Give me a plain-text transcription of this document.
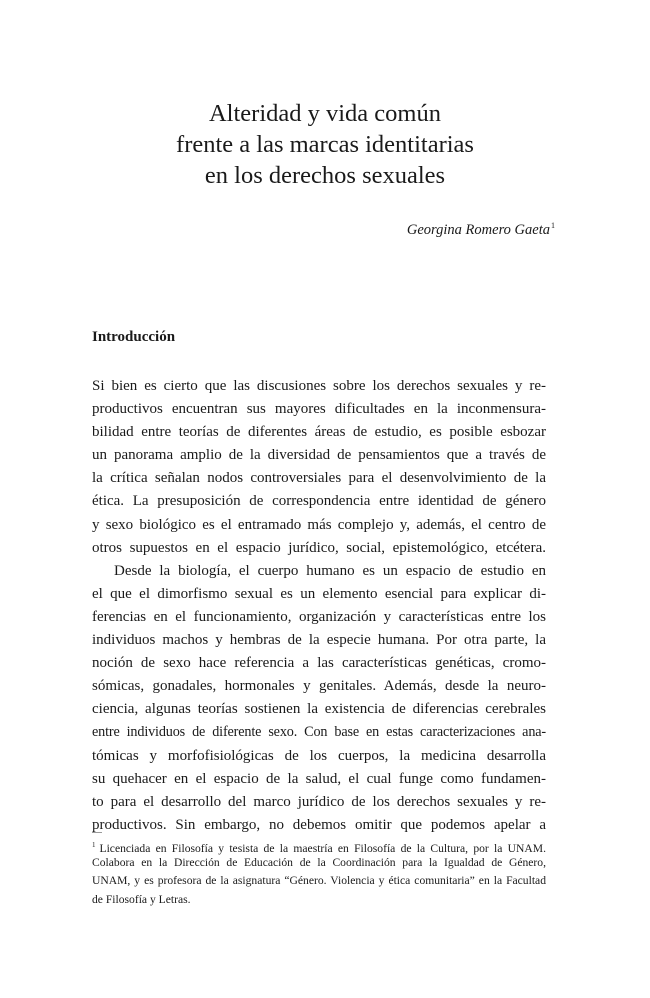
Alteridad y vida común
frente a las marcas identitarias
en los derechos sexuales
Georgina Romero Gaeta$^1$
Introducción
Si bien es cierto que las discusiones sobre los derechos sexuales y re-
productivos encuentran sus mayores dificultades en la inconmensura-
bilidad entre teorías de diferentes áreas de estudio, es posible esbozar
un panorama amplio de la diversidad de pensamientos que a través de
la crítica señalan nodos controversiales para el desenvolvimiento de la
ética. La presuposición de correspondencia entre identidad de género
y sexo biológico es el entramado más complejo y, además, el centro de
otros supuestos en el espacio jurídico, social, epistemológico, etcétera.
Desde la biología, el cuerpo humano es un espacio de estudio en
el que el dimorfismo sexual es un elemento esencial para explicar di-
ferencias en el funcionamiento, organización y características entre los
individuos machos y hembras de la especie humana. Por otra parte, la
noción de sexo hace referencia a las características genéticas, cromo-
sómicas, gonadales, hormonales y genitales. Además, desde la neuro-
ciencia, algunas teorías sostienen la existencia de diferencias cerebrales
entre individuos de diferente sexo. Con base en estas caracterizaciones ana-
tómicas y morfofisiológicas de los cuerpos, la medicina desarrolla
su quehacer en el espacio de la salud, el cual funge como fundamen-
to para el desarrollo del marco jurídico de los derechos sexuales y re-
productivos. Sin embargo, no debemos omitir que podemos apelar a
$^1$ Licenciada en Filosofía y tesista de la maestría en Filosofía de la Cultura, por la UNAM.
Colabora en la Dirección de Educación de la Coordinación para la Igualdad de Género,
UNAM, y es profesora de la asignatura “Género. Violencia y ética comunitaria” en la Facultad
de Filosofía y Letras.
